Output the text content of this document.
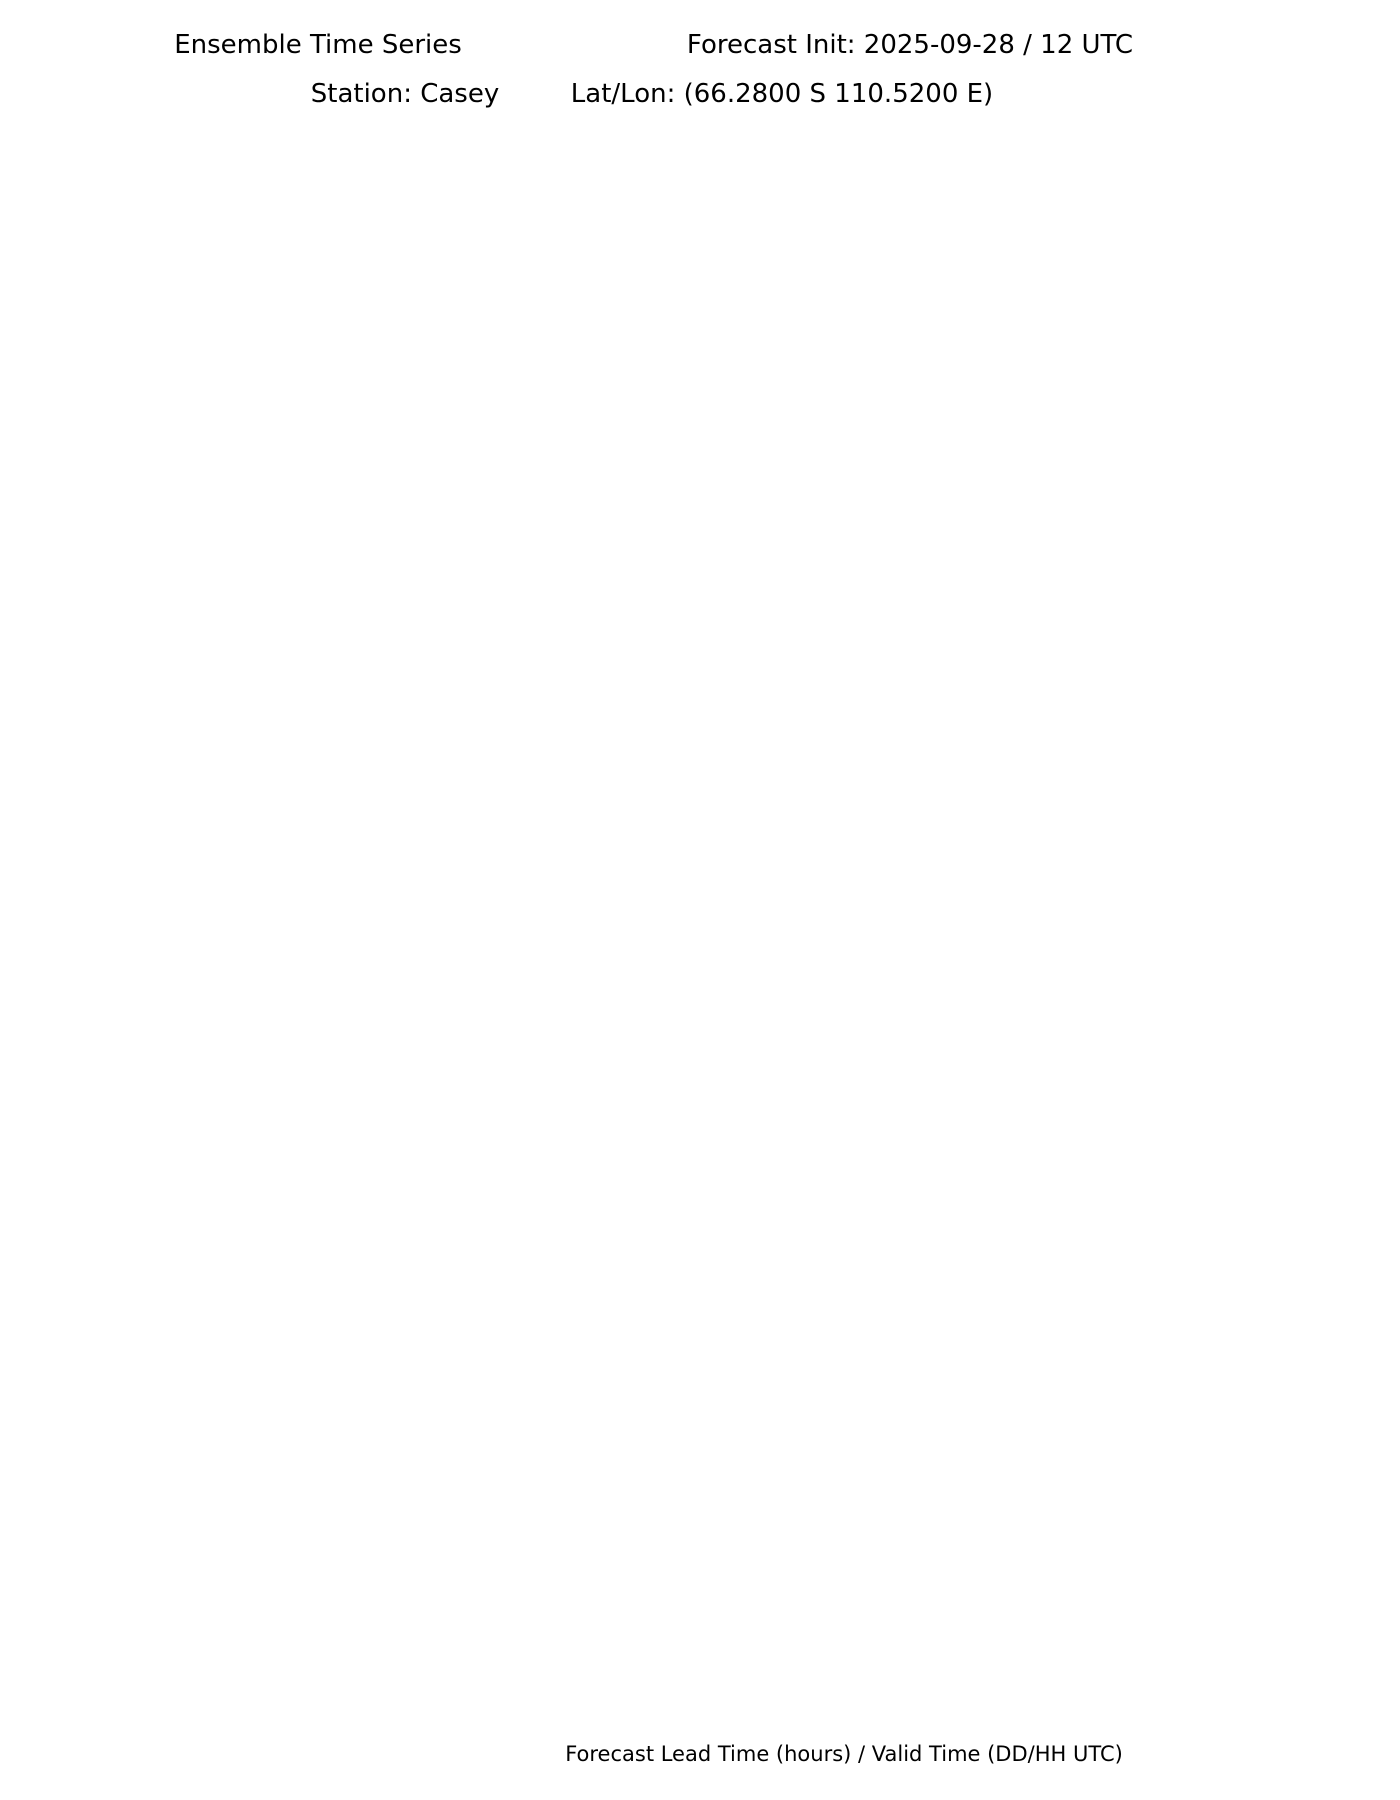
Ensemble Time Series	Forecast Init: 2025-09-28 / 12 UTC
Station: Casey	Lat/Lon: (66.2800 S 110.5200 E)
Forecast Lead Time (hours) / Valid Time (DD/HH UTC)
